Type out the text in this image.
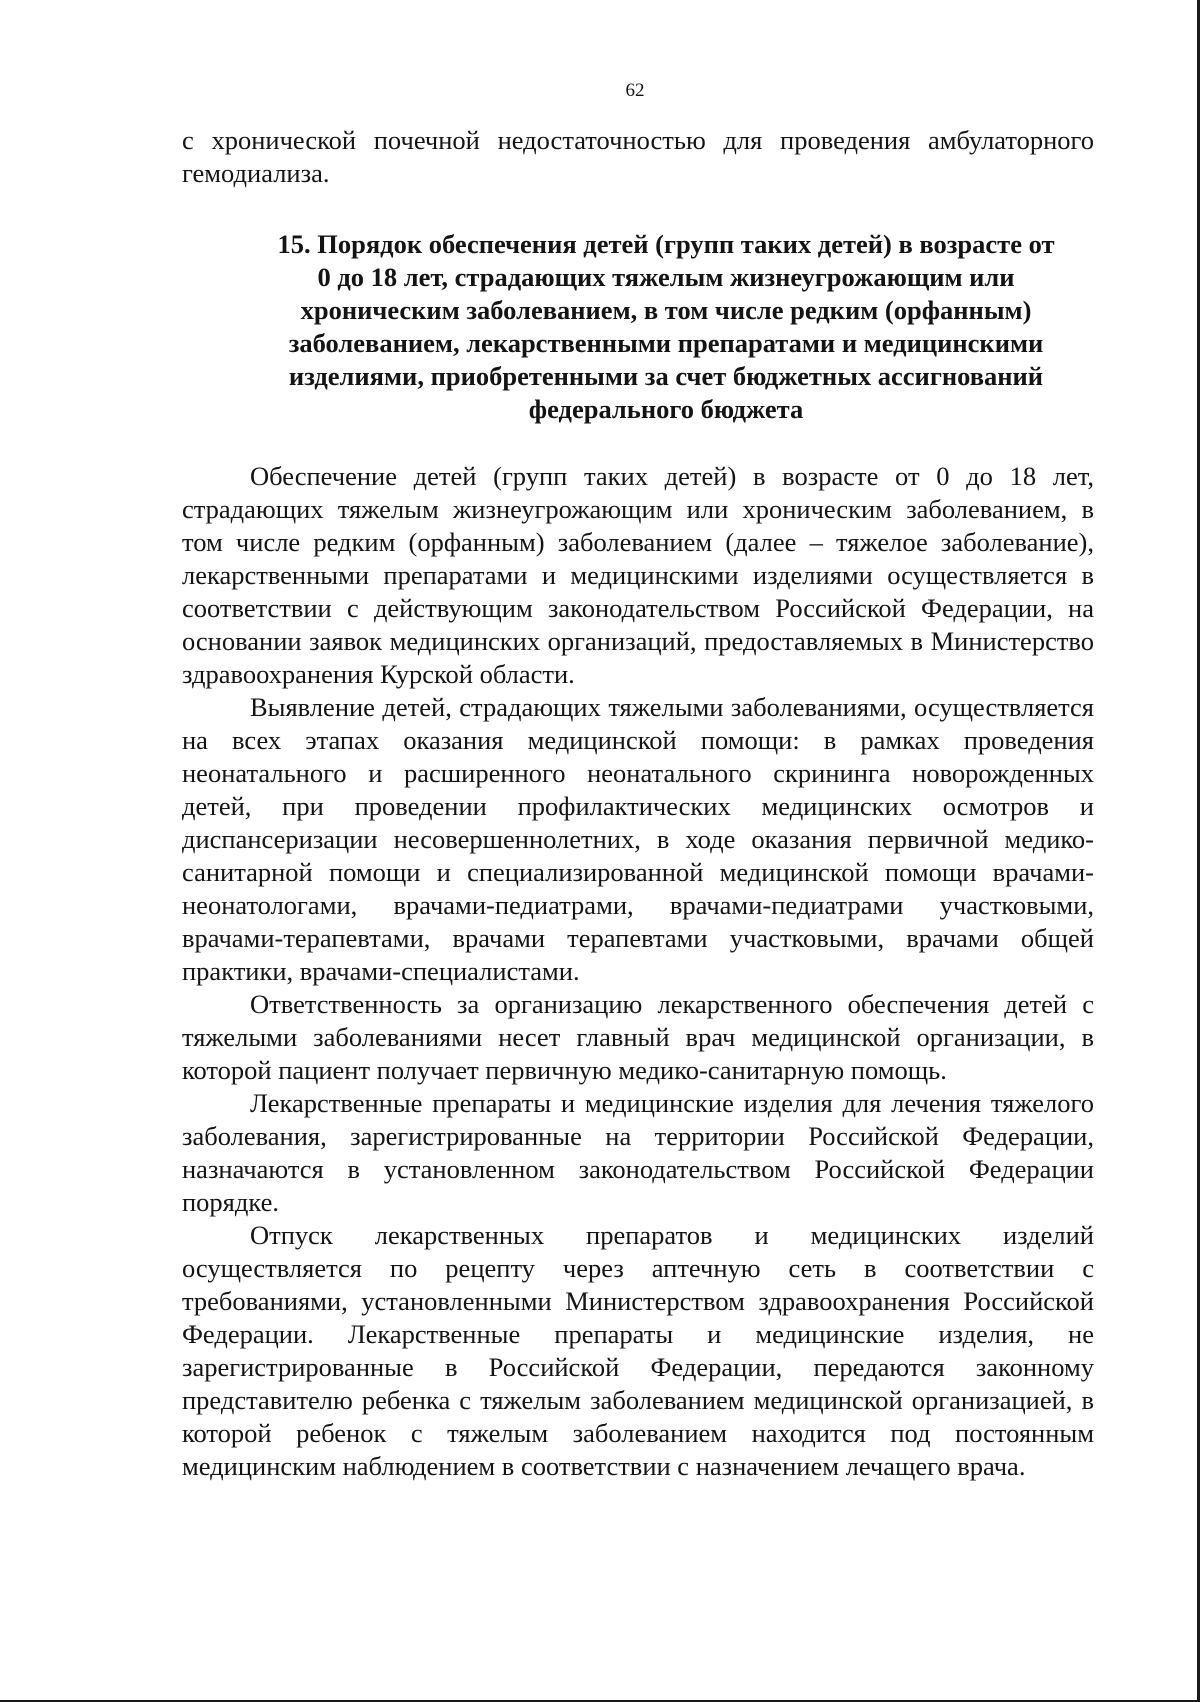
62

с хронической почечной недостаточностью для проведения амбулаторного гемодиализа.

15. Порядок обеспечения детей (групп таких детей) в возрасте от
0 до 18 лет, страдающих тяжелым жизнеугрожающим или
хроническим заболеванием, в том числе редким (орфанным)
заболеванием, лекарственными препаратами и медицинскими
изделиями, приобретенными за счет бюджетных ассигнований
федерального бюджета

Обеспечение детей (групп таких детей) в возрасте от 0 до 18 лет, страдающих тяжелым жизнеугрожающим или хроническим заболеванием, в том числе редким (орфанным) заболеванием (далее – тяжелое заболевание), лекарственными препаратами и медицинскими изделиями осуществляется в соответствии с действующим законодательством Российской Федерации, на основании заявок медицинских организаций, предоставляемых в Министерство здравоохранения Курской области.

Выявление детей, страдающих тяжелыми заболеваниями, осуществляется на всех этапах оказания медицинской помощи: в рамках проведения неонатального и расширенного неонатального скрининга новорожденных детей, при проведении профилактических медицинских осмотров и диспансеризации несовершеннолетних, в ходе оказания первичной медико-санитарной помощи и специализированной медицинской помощи врачами-неонатологами, врачами-педиатрами, врачами-педиатрами участковыми, врачами-терапевтами, врачами терапевтами участковыми, врачами общей практики, врачами-специалистами.

Ответственность за организацию лекарственного обеспечения детей с тяжелыми заболеваниями несет главный врач медицинской организации, в которой пациент получает первичную медико-санитарную помощь.

Лекарственные препараты и медицинские изделия для лечения тяжелого заболевания, зарегистрированные на территории Российской Федерации, назначаются в установленном законодательством Российской Федерации порядке.

Отпуск лекарственных препаратов и медицинских изделий осуществляется по рецепту через аптечную сеть в соответствии с требованиями, установленными Министерством здравоохранения Российской Федерации. Лекарственные препараты и медицинские изделия, не зарегистрированные в Российской Федерации, передаются законному представителю ребенка с тяжелым заболеванием медицинской организацией, в которой ребенок с тяжелым заболеванием находится под постоянным медицинским наблюдением в соответствии с назначением лечащего врача.
